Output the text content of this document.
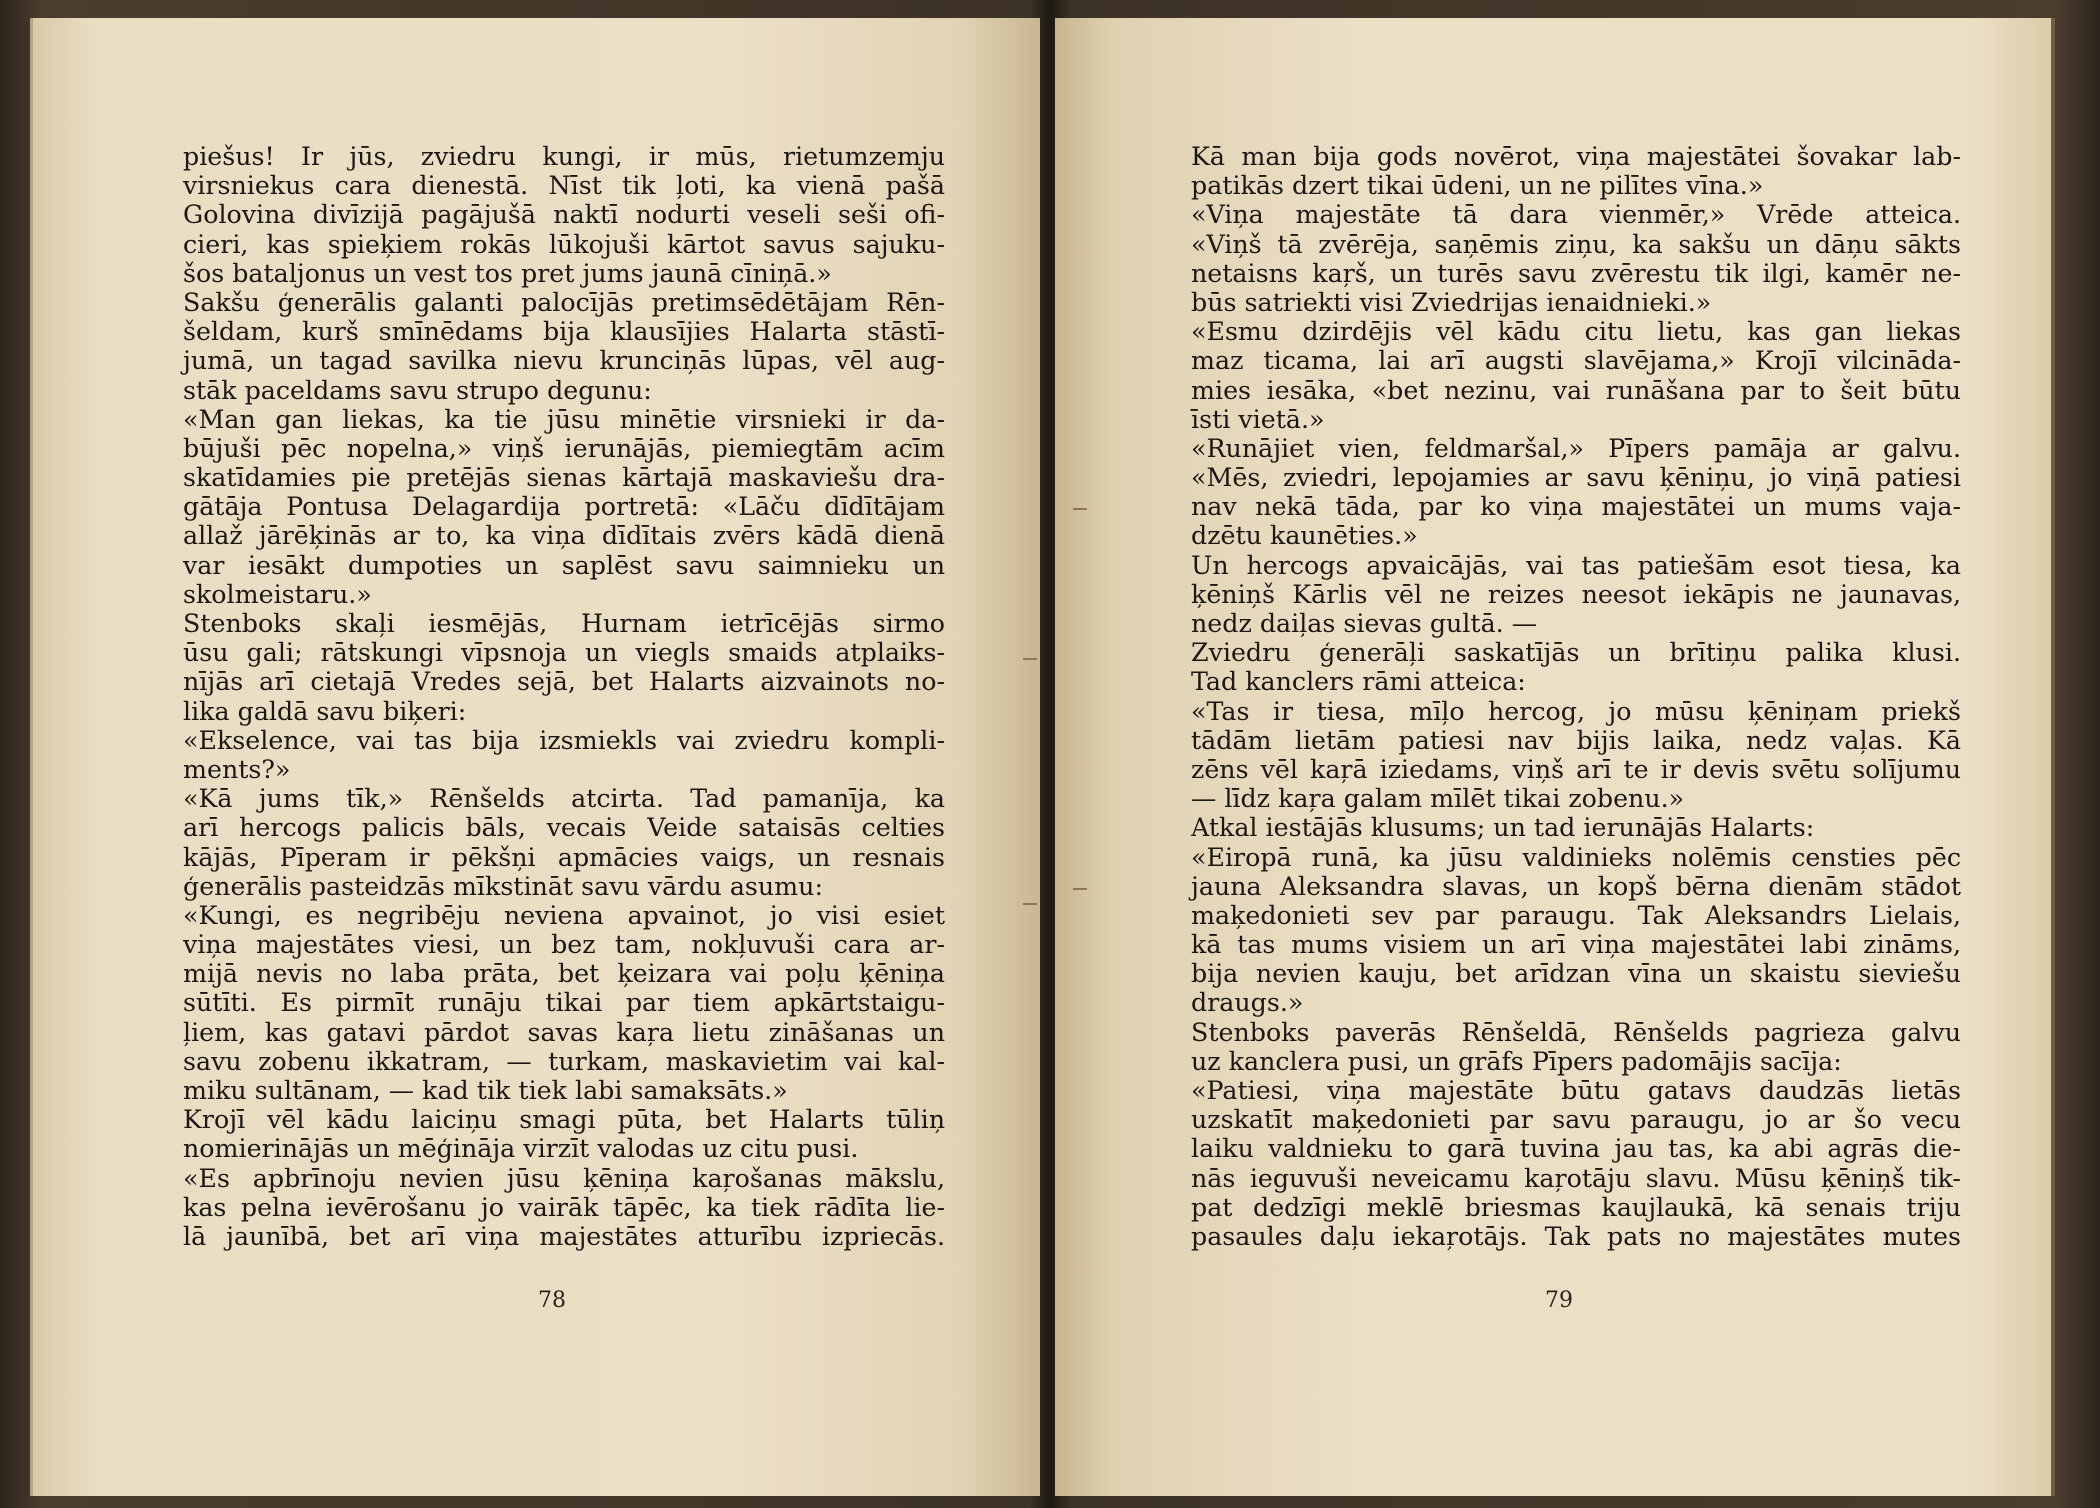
piešus! Ir jūs, zviedru kungi, ir mūs, rietumzemju
virsniekus cara dienestā. Nīst tik ļoti, ka vienā pašā
Golovina divīzijā pagājušā naktī nodurti veseli seši ofi-
cieri, kas spieķiem rokās lūkojuši kārtot savus sajuku-
šos bataljonus un vest tos pret jums jaunā cīniņā.»
Sakšu ģenerālis galanti palocījās pretimsēdētājam Rēn-
šeldam, kurš smīnēdams bija klausījies Halarta stāstī-
jumā, un tagad savilka nievu krunciņās lūpas, vēl aug-
stāk paceldams savu strupo degunu:
«Man gan liekas, ka tie jūsu minētie virsnieki ir da-
būjuši pēc nopelna,» viņš ierunājās, piemiegtām acīm
skatīdamies pie pretējās sienas kārtajā maskaviešu dra-
gātāja Pontusa Delagardija portretā: «Lāču dīdītājam
allaž jārēķinās ar to, ka viņa dīdītais zvērs kādā dienā
var iesākt dumpoties un saplēst savu saimnieku un
skolmeistaru.»
Stenboks skaļi iesmējās, Hurnam ietrīcējās sirmo
ūsu gali; rātskungi vīpsnoja un viegls smaids atplaiks-
nījās arī cietajā Vredes sejā, bet Halarts aizvainots no-
lika galdā savu biķeri:
«Ekselence, vai tas bija izsmiekls vai zviedru kompli-
ments?»
«Kā jums tīk,» Rēnšelds atcirta. Tad pamanīja, ka
arī hercogs palicis bāls, vecais Veide sataisās celties
kājās, Pīperam ir pēkšņi apmācies vaigs, un resnais
ģenerālis pasteidzās mīkstināt savu vārdu asumu:
«Kungi, es negribēju neviena apvainot, jo visi esiet
viņa majestātes viesi, un bez tam, nokļuvuši cara ar-
mijā nevis no laba prāta, bet ķeizara vai poļu ķēniņa
sūtīti. Es pirmīt runāju tikai par tiem apkārtstaigu-
ļiem, kas gatavi pārdot savas kaŗa lietu zināšanas un
savu zobenu ikkatram, — turkam, maskavietim vai kal-
miku sultānam, — kad tik tiek labi samaksāts.»
Krojī vēl kādu laiciņu smagi pūta, bet Halarts tūliņ
nomierinājās un mēģināja virzīt valodas uz citu pusi.
«Es apbrīnoju nevien jūsu ķēniņa kaŗošanas mākslu,
kas pelna ievērošanu jo vairāk tāpēc, ka tiek rādīta lie-
lā jaunībā, bet arī viņa majestātes atturību izpriecās.
78
Kā man bija gods novērot, viņa majestātei šovakar lab-
patikās dzert tikai ūdeni, un ne pilītes vīna.»
«Viņa majestāte tā dara vienmēr,» Vrēde atteica.
«Viņš tā zvērēja, saņēmis ziņu, ka sakšu un dāņu sākts
netaisns kaŗš, un turēs savu zvērestu tik ilgi, kamēr ne-
būs satriekti visi Zviedrijas ienaidnieki.»
«Esmu dzirdējis vēl kādu citu lietu, kas gan liekas
maz ticama, lai arī augsti slavējama,» Krojī vilcināda-
mies iesāka, «bet nezinu, vai runāšana par to šeit būtu
īsti vietā.»
«Runājiet vien, feldmaršal,» Pīpers pamāja ar galvu.
«Mēs, zviedri, lepojamies ar savu ķēniņu, jo viņā patiesi
nav nekā tāda, par ko viņa majestātei un mums vaja-
dzētu kaunēties.»
Un hercogs apvaicājās, vai tas patiešām esot tiesa, ka
ķēniņš Kārlis vēl ne reizes neesot iekāpis ne jaunavas,
nedz daiļas sievas gultā. —
Zviedru ģenerāļi saskatījās un brītiņu palika klusi.
Tad kanclers rāmi atteica:
«Tas ir tiesa, mīļo hercog, jo mūsu ķēniņam priekš
tādām lietām patiesi nav bijis laika, nedz vaļas. Kā
zēns vēl kaŗā iziedams, viņš arī te ir devis svētu solījumu
— līdz kaŗa galam mīlēt tikai zobenu.»
Atkal iestājās klusums; un tad ierunājās Halarts:
«Eiropā runā, ka jūsu valdinieks nolēmis censties pēc
jauna Aleksandra slavas, un kopš bērna dienām stādot
maķedonieti sev par paraugu. Tak Aleksandrs Lielais,
kā tas mums visiem un arī viņa majestātei labi zināms,
bija nevien kauju, bet arīdzan vīna un skaistu sieviešu
draugs.»
Stenboks paverās Rēnšeldā, Rēnšelds pagrieza galvu
uz kanclera pusi, un grāfs Pīpers padomājis sacīja:
«Patiesi, viņa majestāte būtu gatavs daudzās lietās
uzskatīt maķedonieti par savu paraugu, jo ar šo vecu
laiku valdnieku to garā tuvina jau tas, ka abi agrās die-
nās ieguvuši neveicamu kaŗotāju slavu. Mūsu ķēniņš tik-
pat dedzīgi meklē briesmas kaujlaukā, kā senais triju
pasaules daļu iekaŗotājs. Tak pats no majestātes mutes
79
